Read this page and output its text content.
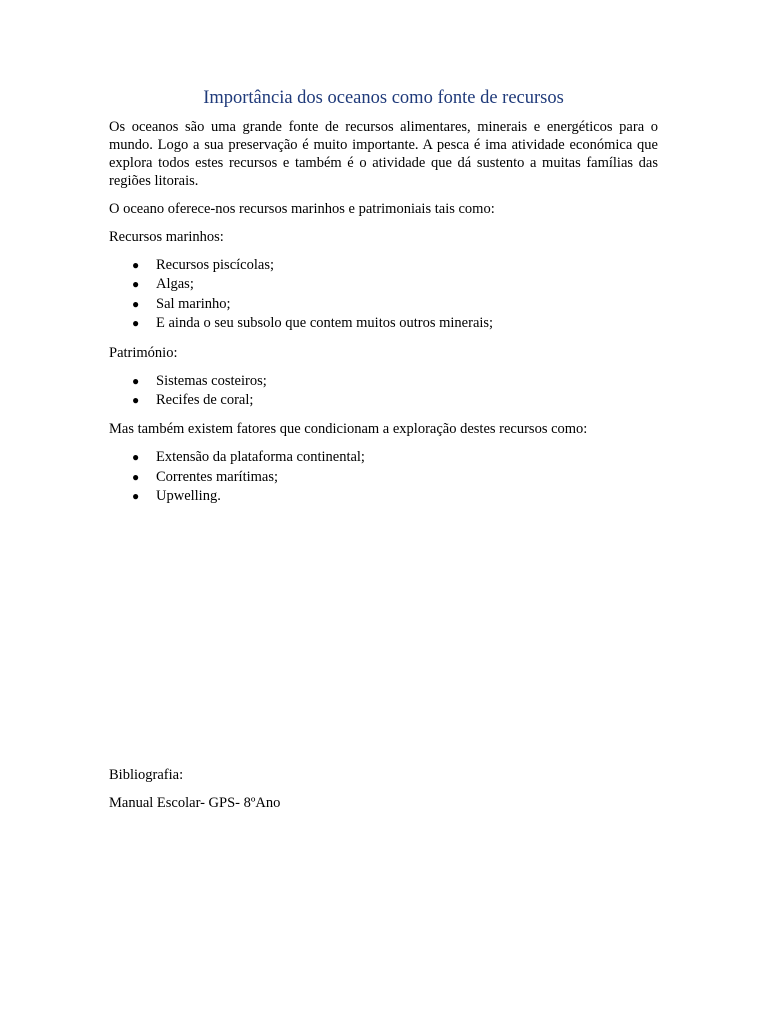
Importância dos oceanos como fonte de recursos

Os oceanos são uma grande fonte de recursos alimentares, minerais e energéticos para o mundo. Logo a sua preservação é muito importante. A pesca é ima atividade económica que explora todos estes recursos e também é o atividade que dá sustento a muitas famílias das regiões litorais.

O oceano oferece-nos recursos marinhos e patrimoniais tais como:

Recursos marinhos:

● Recursos piscícolas;
● Algas;
● Sal marinho;
● E ainda o seu subsolo que contem muitos outros minerais;

Património:

● Sistemas costeiros;
● Recifes de coral;

Mas também existem fatores que condicionam a exploração destes recursos como:

● Extensão da plataforma continental;
● Correntes marítimas;
● Upwelling.

Bibliografia:

Manual Escolar- GPS- 8ºAno
